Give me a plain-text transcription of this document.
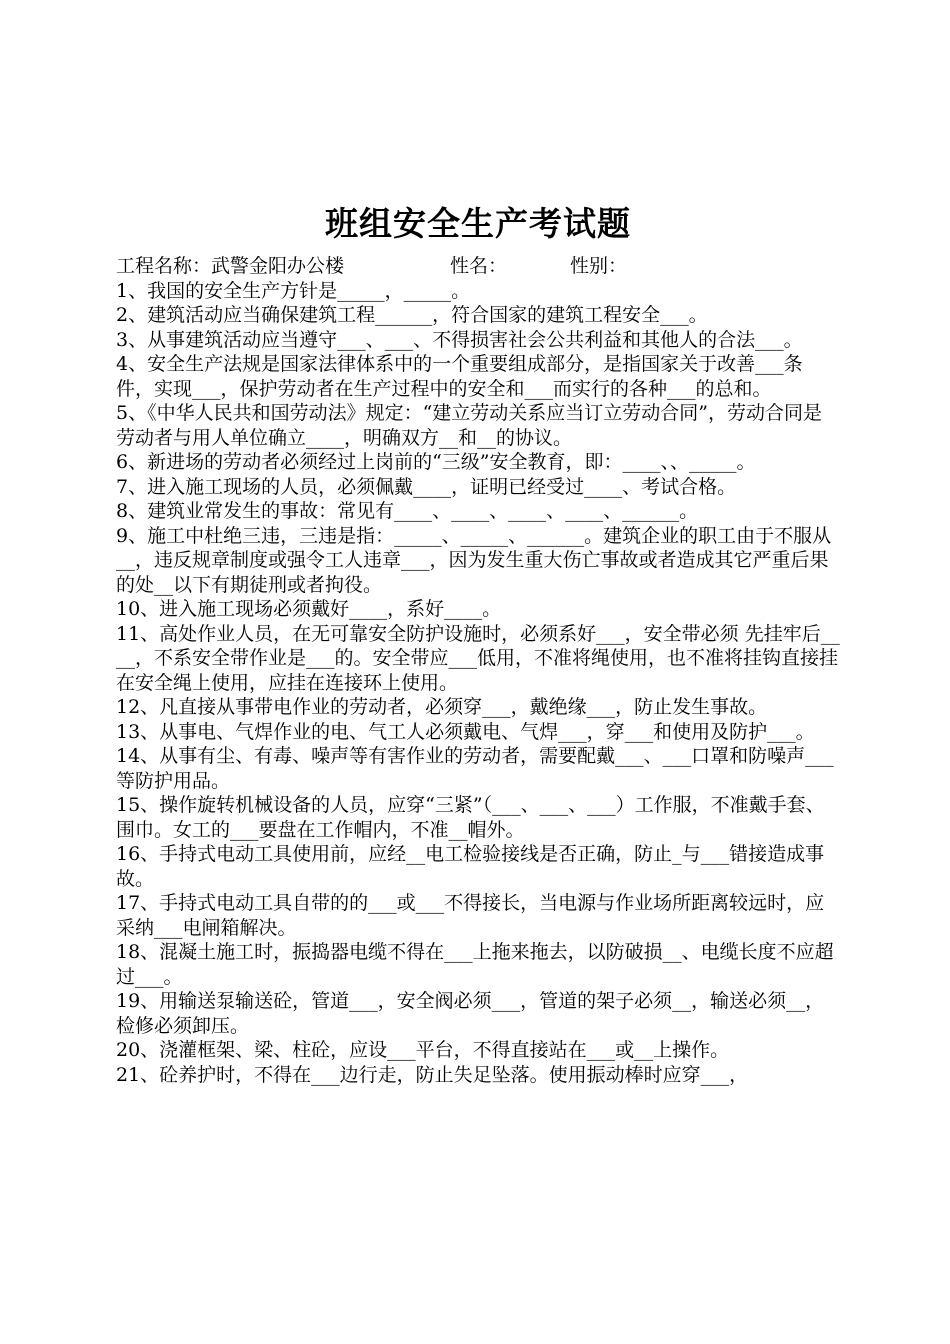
班组安全生产考试题
工程名称：武警金阳办公楼	性名：	性别：
1、我国的安全生产方针是_____，_____。
2、建筑活动应当确保建筑工程______，符合国家的建筑工程安全___。
3、从事建筑活动应当遵守___、___、不得损害社会公共利益和其他人的合法___。
4、安全生产法规是国家法律体系中的一个重要组成部分，是指国家关于改善___条件，实现___，保护劳动者在生产过程中的安全和___而实行的各种___的总和。
5、《中华人民共和国劳动法》规定：“建立劳动关系应当订立劳动合同”，劳动合同是劳动者与用人单位确立____，明确双方__和__的协议。
6、新进场的劳动者必须经过上岗前的“三级”安全教育，即：____、、_____。
7、进入施工现场的人员，必须佩戴____，证明已经受过____、考试合格。
8、建筑业常发生的事故：常见有____、____、____、____、______。
9、施工中杜绝三违，三违是指：_____、_____、______。建筑企业的职工由于不服从__，违反规章制度或强令工人违章___，因为发生重大伤亡事故或者造成其它严重后果的处__以下有期徒刑或者拘役。
10、进入施工现场必须戴好____，系好____。
11、高处作业人员，在无可靠安全防护设施时，必须系好___，安全带必须 先挂牢后____，不系安全带作业是___的。安全带应___低用，不准将绳使用，也不准将挂钩直接挂在安全绳上使用，应挂在连接环上使用。
12、凡直接从事带电作业的劳动者，必须穿___，戴绝缘___，防止发生事故。
13、从事电、气焊作业的电、气工人必须戴电、气焊___，穿___和使用及防护___。
14、从事有尘、有毒、噪声等有害作业的劳动者，需要配戴___、___口罩和防噪声___等防护用品。
15、操作旋转机械设备的人员，应穿“三紧”（___、___、___）工作服，不准戴手套、围巾。女工的___要盘在工作帽内，不准__帽外。
16、手持式电动工具使用前，应经__电工检验接线是否正确，防止_与___错接造成事故。
17、手持式电动工具自带的的___或___不得接长，当电源与作业场所距离较远时，应采纳___电闸箱解决。
18、混凝土施工时，振捣器电缆不得在___上拖来拖去，以防破损__、电缆长度不应超过___。
19、用输送泵输送砼，管道___，安全阀必须___，管道的架子必须__，输送必须__，检修必须卸压。
20、浇灌框架、梁、柱砼，应设___平台，不得直接站在___或__上操作。
21、砼养护时，不得在___边行走，防止失足坠落。使用振动棒时应穿___，
